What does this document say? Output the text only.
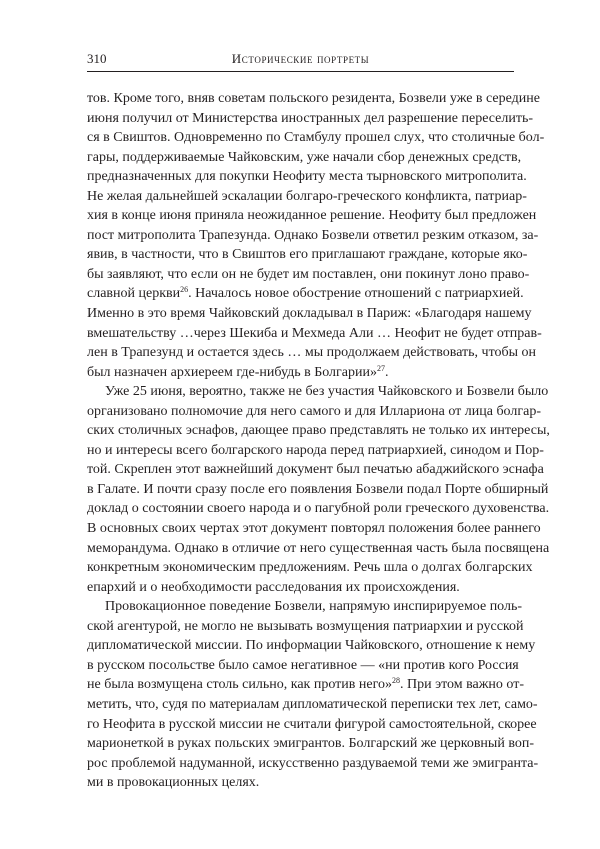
310	Исторические портреты
тов. Кроме того, вняв советам польского резидента, Бозвели уже в середине
июня получил от Министерства иностранных дел разрешение переселить-
ся в Свиштов. Одновременно по Стамбулу прошел слух, что столичные бол-
гары, поддерживаемые Чайковским, уже начали сбор денежных средств,
предназначенных для покупки Неофиту места тырновского митрополита.
Не желая дальнейшей эскалации болгаро-греческого конфликта, патриар-
хия в конце июня приняла неожиданное решение. Неофиту был предложен
пост митрополита Трапезунда. Однако Бозвели ответил резким отказом, за-
явив, в частности, что в Свиштов его приглашают граждане, которые яко-
бы заявляют, что если он не будет им поставлен, они покинут лоно право-
славной церкви$^{26}$. Началось новое обострение отношений с патриархией.
Именно в это время Чайковский докладывал в Париж: «Благодаря нашему
вмешательству …через Шекиба и Мехмеда Али … Неофит не будет отправ-
лен в Трапезунд и остается здесь … мы продолжаем действовать, чтобы он
был назначен архиереем где-нибудь в Болгарии»$^{27}$.
Уже 25 июня, вероятно, также не без участия Чайковского и Бозвели было
организовано полномочие для него самого и для Иллариона от лица болгар-
ских столичных эснафов, дающее право представлять не только их интересы,
но и интересы всего болгарского народа перед патриархией, синодом и Пор-
той. Скреплен этот важнейший документ был печатью абаджийского эснафа
в Галате. И почти сразу после его появления Бозвели подал Порте обширный
доклад о состоянии своего народа и о пагубной роли греческого духовенства.
В основных своих чертах этот документ повторял положения более раннего
меморандума. Однако в отличие от него существенная часть была посвящена
конкретным экономическим предложениям. Речь шла о долгах болгарских
епархий и о необходимости расследования их происхождения.
Провокационное поведение Бозвели, напрямую инспирируемое поль-
ской агентурой, не могло не вызывать возмущения патриархии и русской
дипломатической миссии. По информации Чайковского, отношение к нему
в русском посольстве было самое негативное — «ни против кого Россия
не была возмущена столь сильно, как против него»$^{28}$. При этом важно от-
метить, что, судя по материалам дипломатической переписки тех лет, само-
го Неофита в русской миссии не считали фигурой самостоятельной, скорее
марионеткой в руках польских эмигрантов. Болгарский же церковный воп-
рос проблемой надуманной, искусственно раздуваемой теми же эмигранта-
ми в провокационных целях.
